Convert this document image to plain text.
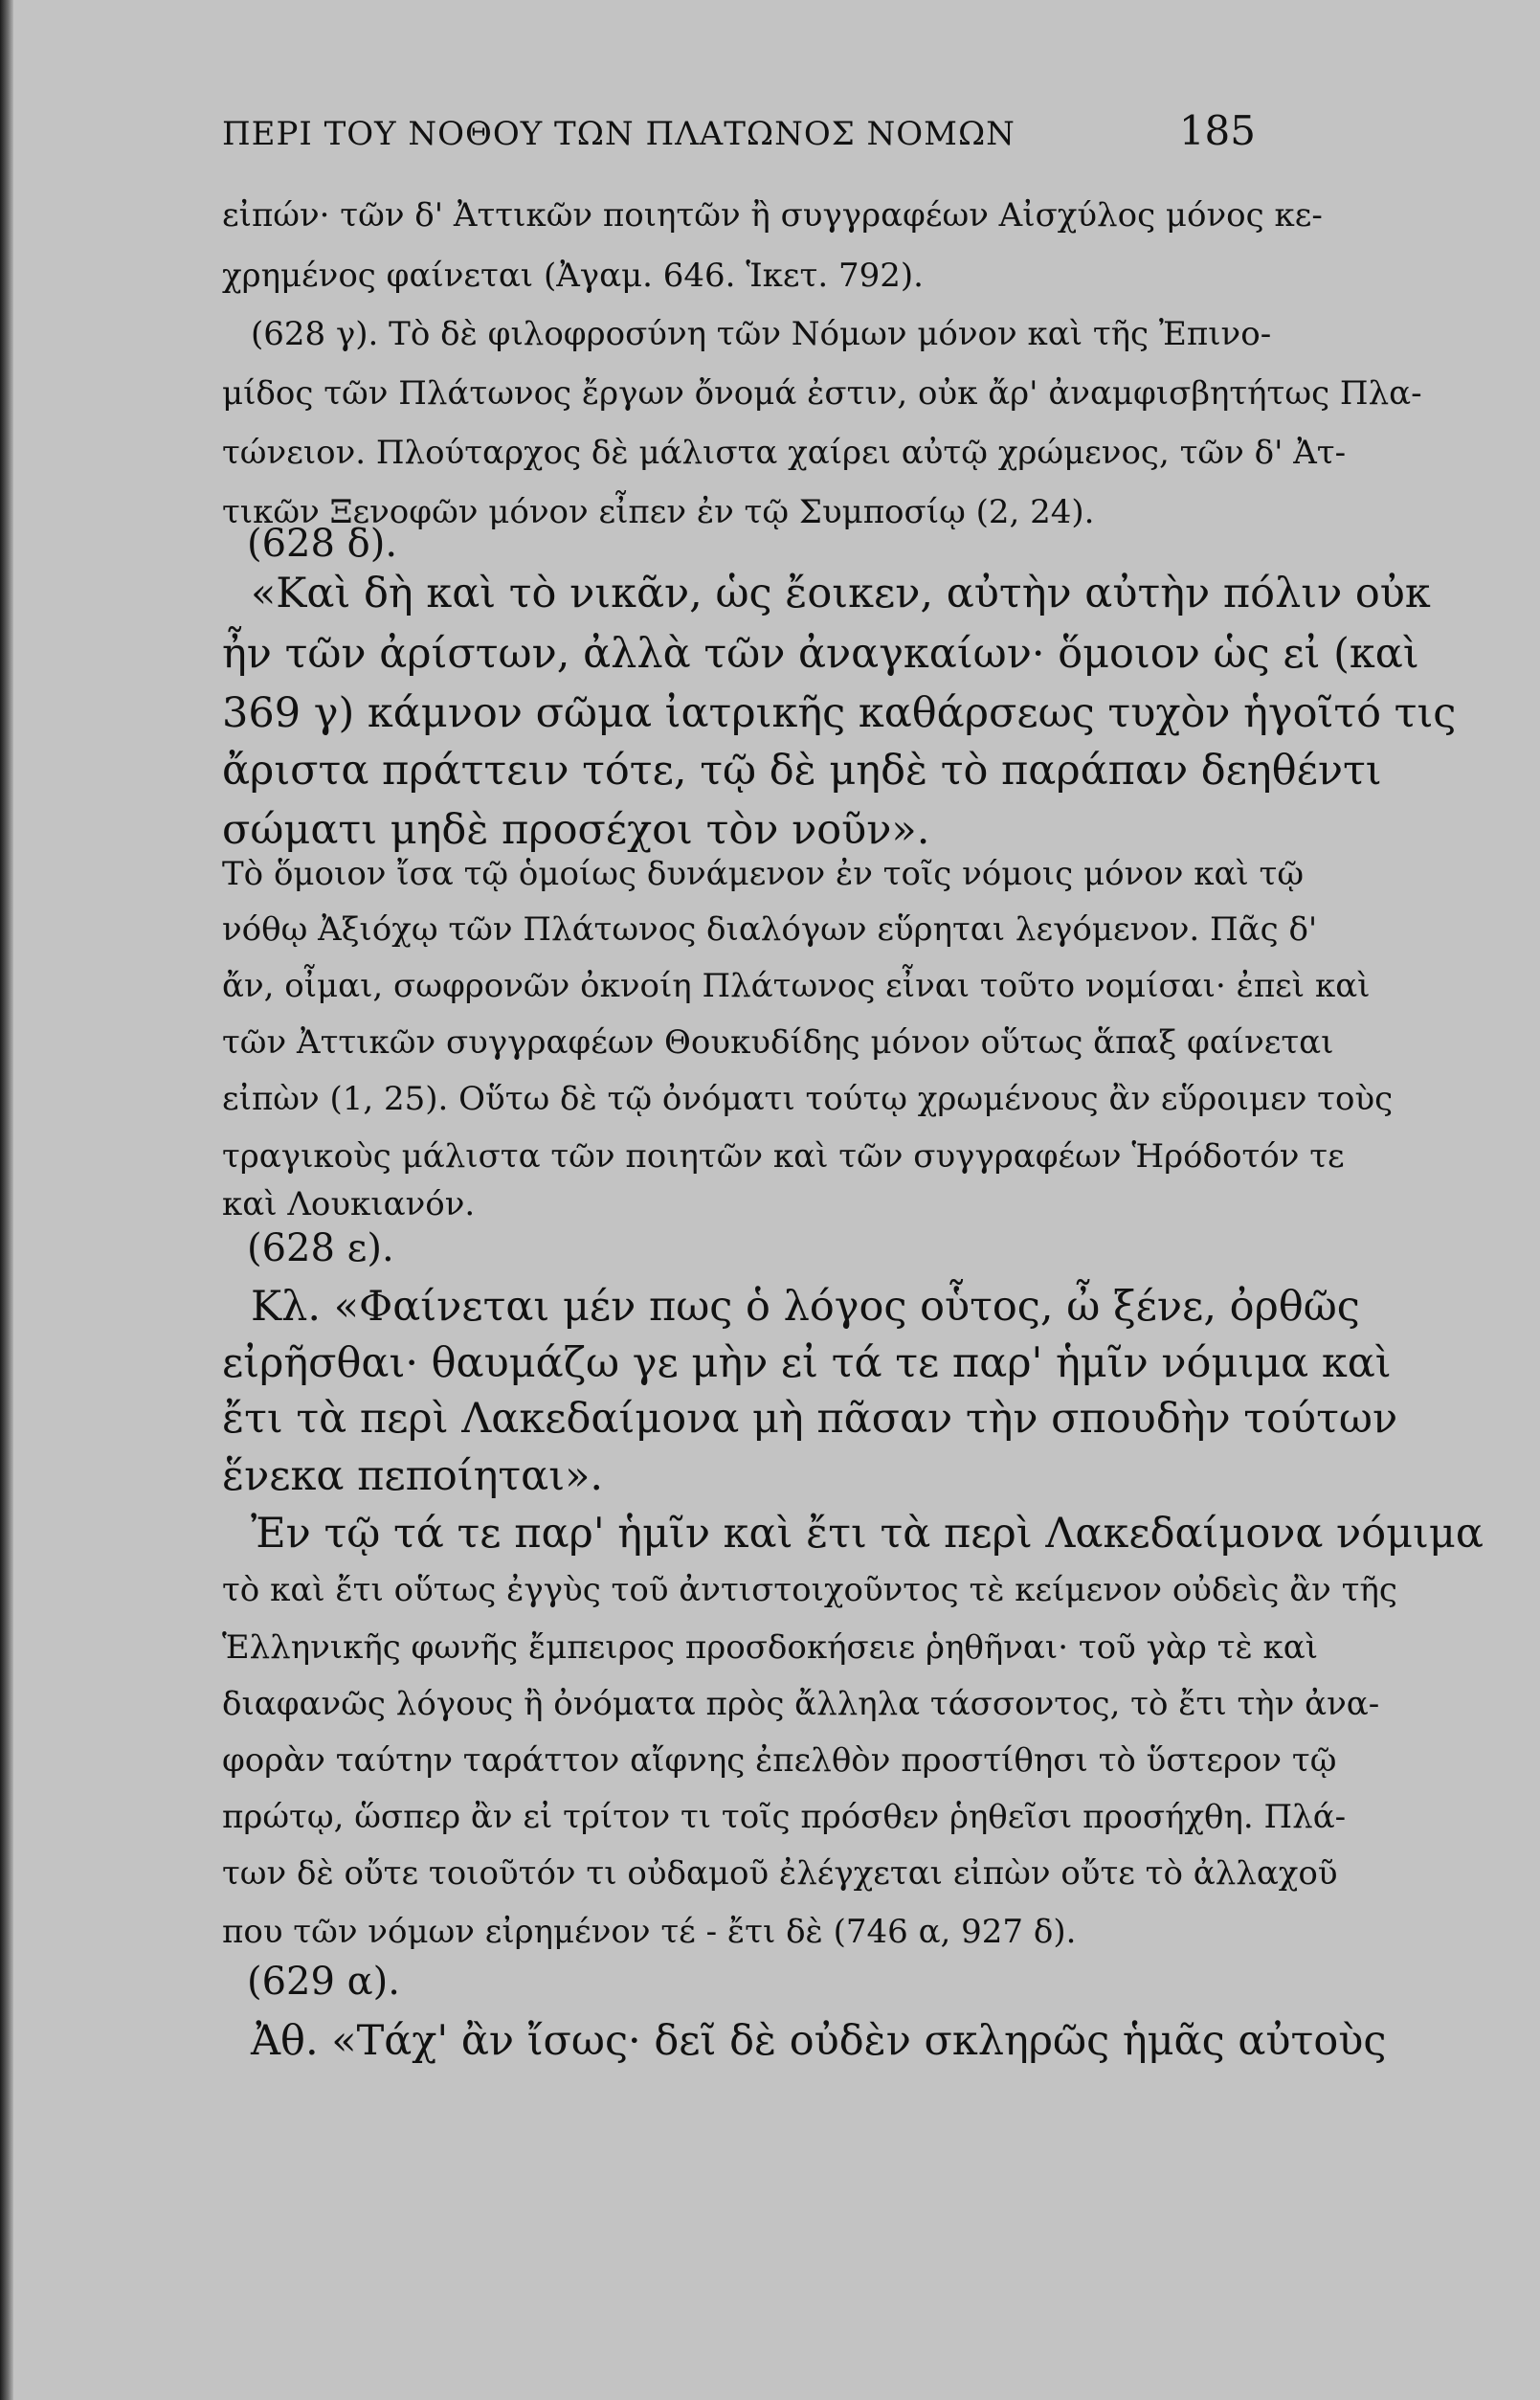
ΠΕΡΙ ΤΟΥ ΝΟΘΟΥ ΤΩΝ ΠΛΑΤΩΝΟΣ ΝΟΜΩΝ	185
εἰπών· τῶν δ' Ἀττικῶν ποιητῶν ἢ συγγραφέων Αἰσχύλος μόνος κε-
χρημένος φαίνεται (Ἀγαμ. 646. Ἱκετ. 792).
(628 γ). Τὸ δὲ φιλοφροσύνη τῶν Νόμων μόνον καὶ τῆς Ἐπινο-
μίδος τῶν Πλάτωνος ἔργων ὄνομά ἐστιν, οὐκ ἄρ' ἀναμφισβητήτως Πλα-
τώνειον. Πλούταρχος δὲ μάλιστα χαίρει αὐτῷ χρώμενος, τῶν δ' Ἀτ-
τικῶν Ξενοφῶν μόνον εἶπεν ἐν τῷ Συμποσίῳ (2, 24).
(628 δ).
«Καὶ δὴ καὶ τὸ νικᾶν, ὡς ἔοικεν, αὐτὴν αὐτὴν πόλιν οὐκ
ἦν τῶν ἀρίστων, ἀλλὰ τῶν ἀναγκαίων· ὅμοιον ὡς εἰ (καὶ
369 γ) κάμνον σῶμα ἰατρικῆς καθάρσεως τυχὸν ἡγοῖτό τις
ἄριστα πράττειν τότε, τῷ δὲ μηδὲ τὸ παράπαν δεηθέντι
σώματι μηδὲ προσέχοι τὸν νοῦν».
Τὸ ὅμοιον ἴσα τῷ ὁμοίως δυνάμενον ἐν τοῖς νόμοις μόνον καὶ τῷ
νόθῳ Ἀξιόχῳ τῶν Πλάτωνος διαλόγων εὕρηται λεγόμενον. Πᾶς δ'
ἄν, οἶμαι, σωφρονῶν ὀκνοίη Πλάτωνος εἶναι τοῦτο νομίσαι· ἐπεὶ καὶ
τῶν Ἀττικῶν συγγραφέων Θουκυδίδης μόνον οὕτως ἅπαξ φαίνεται
εἰπὼν (1, 25). Οὕτω δὲ τῷ ὀνόματι τούτῳ χρωμένους ἂν εὕροιμεν τοὺς
τραγικοὺς μάλιστα τῶν ποιητῶν καὶ τῶν συγγραφέων Ἡρόδοτόν τε
καὶ Λουκιανόν.
(628 ε).
Κλ. «Φαίνεται μέν πως ὁ λόγος οὗτος, ὦ ξένε, ὀρθῶς
εἰρῆσθαι· θαυμάζω γε μὴν εἰ τά τε παρ' ἡμῖν νόμιμα καὶ
ἔτι τὰ περὶ Λακεδαίμονα μὴ πᾶσαν τὴν σπουδὴν τούτων
ἕνεκα πεποίηται».
Ἐν τῷ τά τε παρ' ἡμῖν καὶ ἔτι τὰ περὶ Λακεδαίμονα νόμιμα
τὸ καὶ ἔτι οὕτως ἐγγὺς τοῦ ἀντιστοιχοῦντος τὲ κείμενον οὐδεὶς ἂν τῆς
Ἑλληνικῆς φωνῆς ἔμπειρος προσδοκήσειε ῥηθῆναι· τοῦ γὰρ τὲ καὶ
διαφανῶς λόγους ἢ ὀνόματα πρὸς ἄλληλα τάσσοντος, τὸ ἔτι τὴν ἀνα-
φορὰν ταύτην ταράττον αἴφνης ἐπελθὸν προστίθησι τὸ ὕστερον τῷ
πρώτῳ, ὥσπερ ἂν εἰ τρίτον τι τοῖς πρόσθεν ῥηθεῖσι προσήχθη. Πλά-
των δὲ οὔτε τοιοῦτόν τι οὐδαμοῦ ἐλέγχεται εἰπὼν οὔτε τὸ ἀλλαχοῦ
που τῶν νόμων εἰρημένον τέ - ἔτι δὲ (746 α, 927 δ).
(629 α).
Ἀθ. «Τάχ' ἂν ἴσως· δεῖ δὲ οὐδὲν σκληρῶς ἡμᾶς αὐτοὺς
